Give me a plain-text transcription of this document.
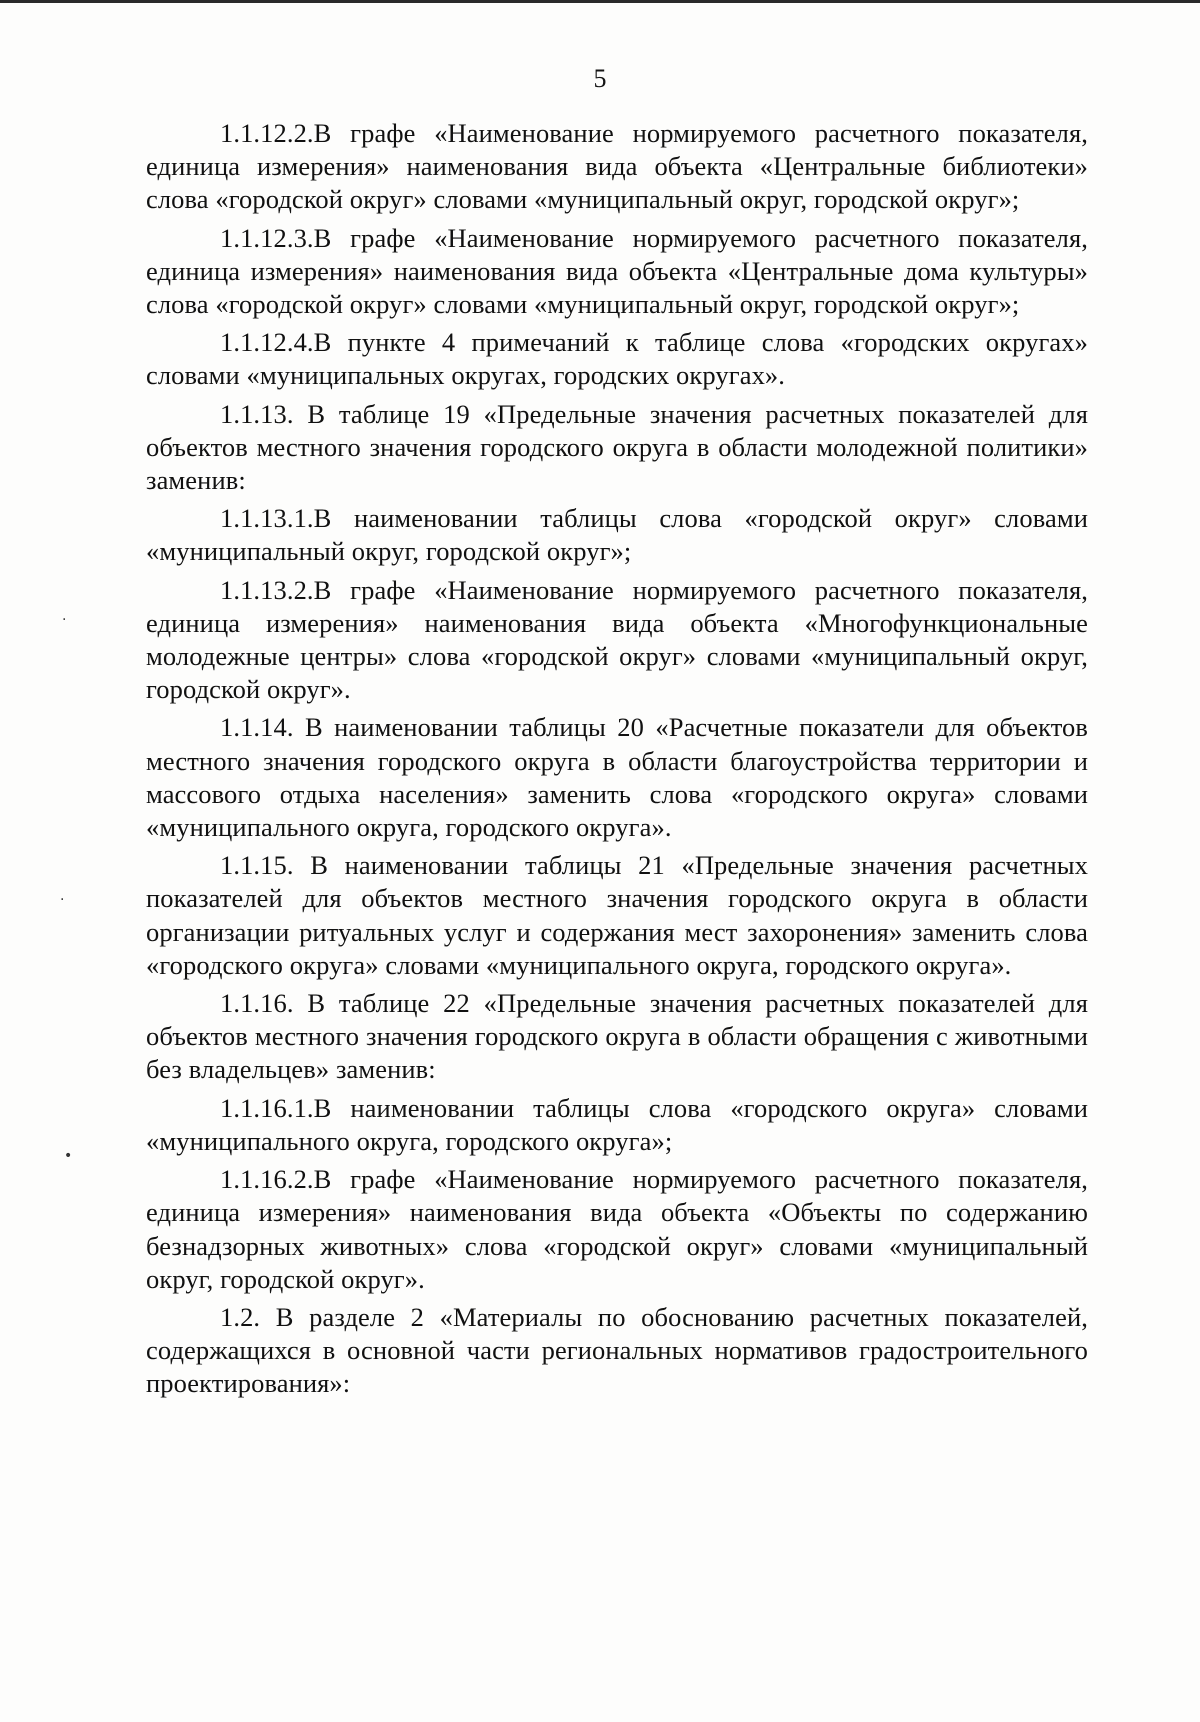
5

1.1.12.2.В графе «Наименование нормируемого расчетного показателя, единица измерения» наименования вида объекта «Центральные библиотеки» слова «городской округ» словами «муниципальный округ, городской округ»;

1.1.12.3.В графе «Наименование нормируемого расчетного показателя, единица измерения» наименования вида объекта «Центральные дома культуры» слова «городской округ» словами «муниципальный округ, городской округ»;

1.1.12.4.В пункте 4 примечаний к таблице слова «городских округах» словами «муниципальных округах, городских округах».

1.1.13. В таблице 19 «Предельные значения расчетных показателей для объектов местного значения городского округа в области молодежной политики» заменив:

1.1.13.1.В наименовании таблицы слова «городской округ» словами «муниципальный округ, городской округ»;

1.1.13.2.В графе «Наименование нормируемого расчетного показателя, единица измерения» наименования вида объекта «Многофункциональные молодежные центры» слова «городской округ» словами «муниципальный округ, городской округ».

1.1.14. В наименовании таблицы 20 «Расчетные показатели для объектов местного значения городского округа в области благоустройства территории и массового отдыха населения» заменить слова «городского округа» словами «муниципального округа, городского округа».

1.1.15. В наименовании таблицы 21 «Предельные значения расчетных показателей для объектов местного значения городского округа в области организации ритуальных услуг и содержания мест захоронения» заменить слова «городского округа» словами «муниципального округа, городского округа».

1.1.16. В таблице 22 «Предельные значения расчетных показателей для объектов местного значения городского округа в области обращения с животными без владельцев» заменив:

1.1.16.1.В наименовании таблицы слова «городского округа» словами «муниципального округа, городского округа»;

1.1.16.2.В графе «Наименование нормируемого расчетного показателя, единица измерения» наименования вида объекта «Объекты по содержанию безнадзорных животных» слова «городской округ» словами «муниципальный округ, городской округ».

1.2. В разделе 2 «Материалы по обоснованию расчетных показателей, содержащихся в основной части региональных нормативов градостроительного проектирования»:

·
·
•
